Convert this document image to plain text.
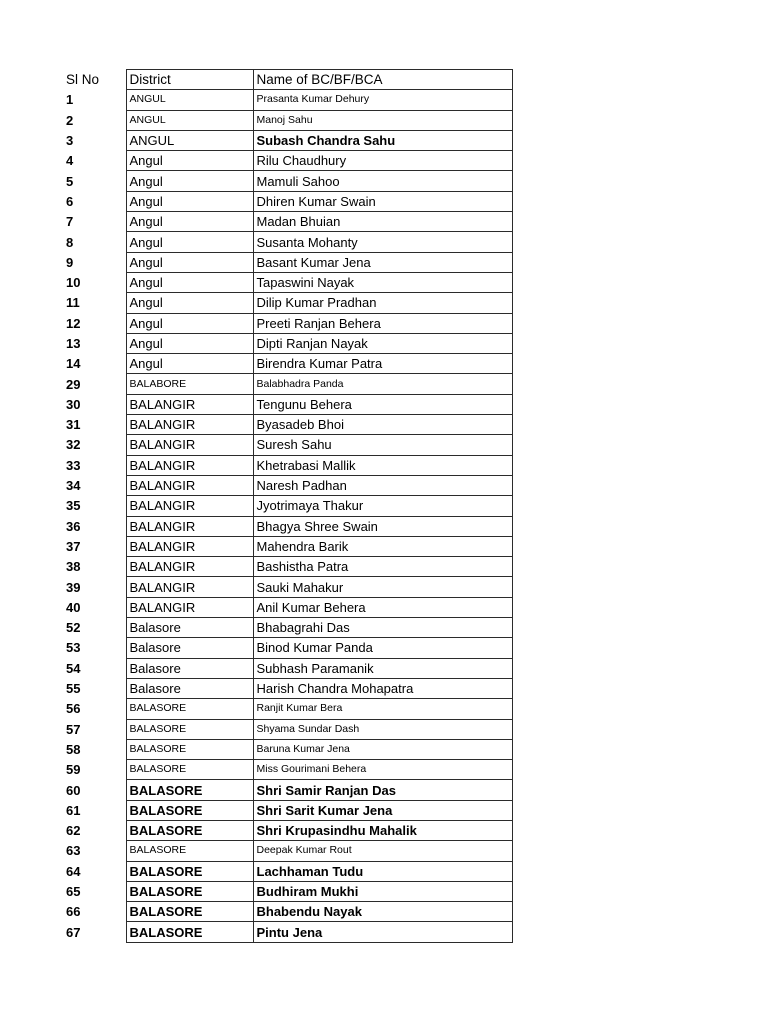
Sl No	District	Name of BC/BF/BCA
1	ANGUL	Prasanta Kumar Dehury
2	ANGUL	Manoj Sahu
3	ANGUL	Subash Chandra Sahu
4	Angul	Rilu Chaudhury
5	Angul	Mamuli Sahoo
6	Angul	Dhiren Kumar Swain
7	Angul	Madan Bhuian
8	Angul	Susanta Mohanty
9	Angul	Basant Kumar Jena
10	Angul	Tapaswini Nayak
11	Angul	Dilip Kumar Pradhan
12	Angul	Preeti Ranjan Behera
13	Angul	Dipti Ranjan Nayak
14	Angul	Birendra Kumar Patra
29	BALABORE	Balabhadra Panda
30	BALANGIR	Tengunu Behera
31	BALANGIR	Byasadeb Bhoi
32	BALANGIR	Suresh Sahu
33	BALANGIR	Khetrabasi Mallik
34	BALANGIR	Naresh Padhan
35	BALANGIR	Jyotrimaya Thakur
36	BALANGIR	Bhagya Shree Swain
37	BALANGIR	Mahendra Barik
38	BALANGIR	Bashistha Patra
39	BALANGIR	Sauki Mahakur
40	BALANGIR	Anil Kumar Behera
52	Balasore	Bhabagrahi Das
53	Balasore	Binod Kumar Panda
54	Balasore	Subhash Paramanik
55	Balasore	Harish Chandra Mohapatra
56	BALASORE	Ranjit Kumar Bera
57	BALASORE	Shyama Sundar Dash
58	BALASORE	Baruna Kumar Jena
59	BALASORE	Miss Gourimani Behera
60	BALASORE	Shri Samir Ranjan Das
61	BALASORE	Shri Sarit Kumar Jena
62	BALASORE	Shri Krupasindhu Mahalik
63	BALASORE	Deepak Kumar Rout
64	BALASORE	Lachhaman Tudu
65	BALASORE	Budhiram Mukhi
66	BALASORE	Bhabendu Nayak
67	BALASORE	Pintu Jena
